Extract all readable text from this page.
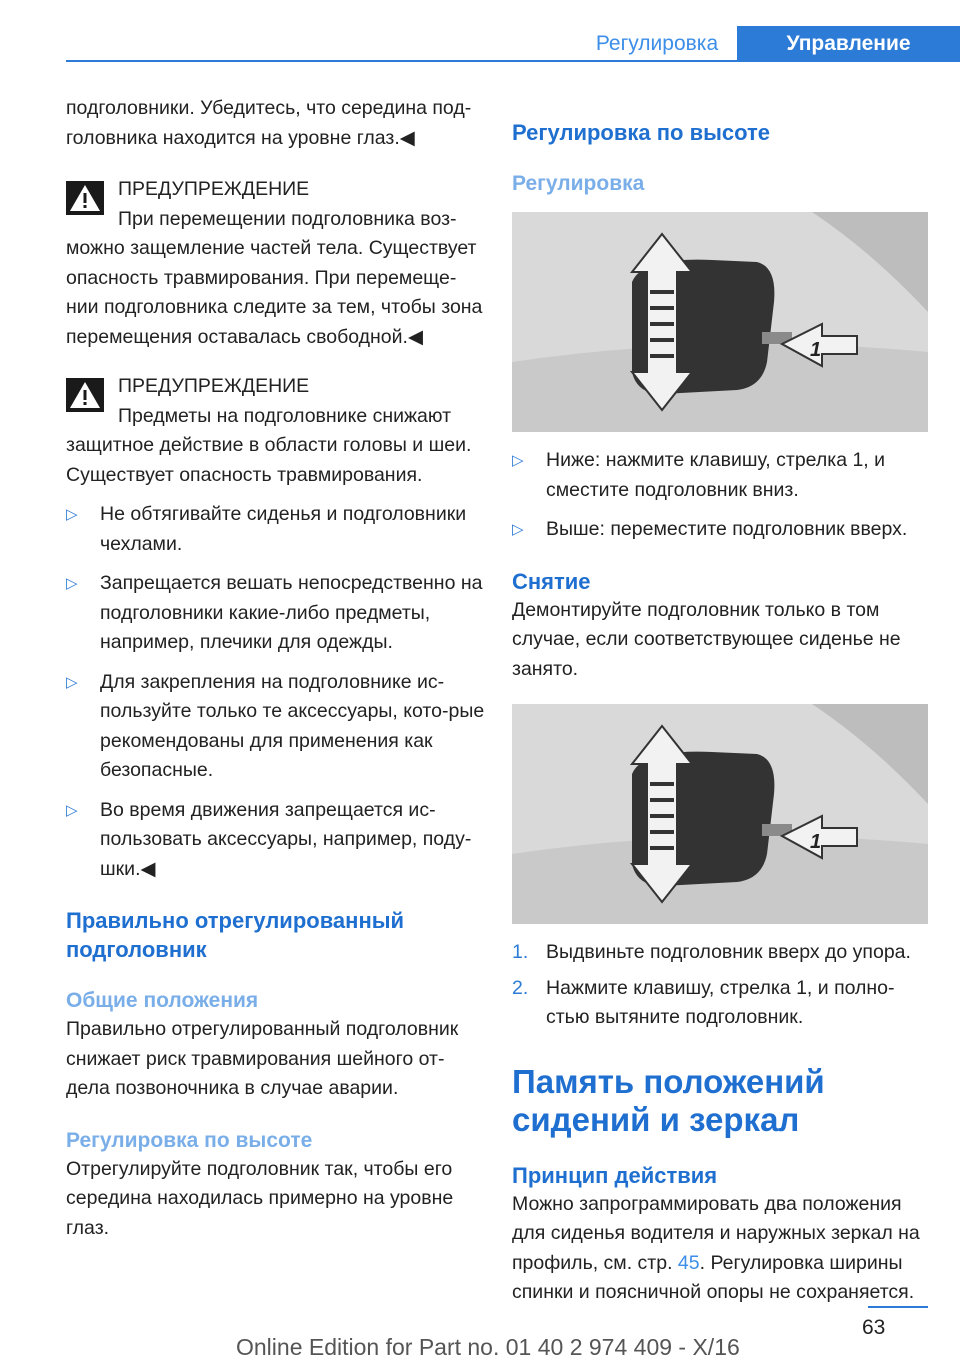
Регулировка	Управление

подголовники. Убедитесь, что середина под-головника находится на уровне глаз.◀

ПРЕДУПРЕЖДЕНИЕ

При перемещении подголовника воз-можно защемление частей тела. Существует опасность травмирования. При перемеще-нии подголовника следите за тем, чтобы зона перемещения оставалась свободной.◀

ПРЕДУПРЕЖДЕНИЕ

Предметы на подголовнике снижают защитное действие в области головы и шеи. Существует опасность травмирования.

▷ Не обтягивайте сиденья и подголовники чехлами.

▷ Запрещается вешать непосредственно на подголовники какие-либо предметы, например, плечики для одежды.

▷ Для закрепления на подголовнике ис-пользуйте только те аксессуары, кото-рые рекомендованы для применения как безопасные.

▷ Во время движения запрещается ис-пользовать аксессуары, например, поду-шки.◀

Правильно отрегулированный подголовник

Общие положения

Правильно отрегулированный подголовник снижает риск травмирования шейного от-дела позвоночника в случае аварии.

Регулировка по высоте

Отрегулируйте подголовник так, чтобы его середина находилась примерно на уровне глаз.

Регулировка по высоте

Регулировка

1

▷ Ниже: нажмите клавишу, стрелка 1, и сместите подголовник вниз.

▷ Выше: переместите подголовник вверх.

Снятие

Демонтируйте подголовник только в том случае, если соответствующее сиденье не занято.

1

1. Выдвиньте подголовник вверх до упора.

2. Нажмите клавишу, стрелка 1, и полно-стью вытяните подголовник.

Память положений сидений и зеркал

Принцип действия

Можно запрограммировать два положения для сиденья водителя и наружных зеркал на профиль, см. стр. 45. Регулировка ширины спинки и поясничной опоры не сохраняется.

63
Online Edition for Part no. 01 40 2 974 409 - X/16
